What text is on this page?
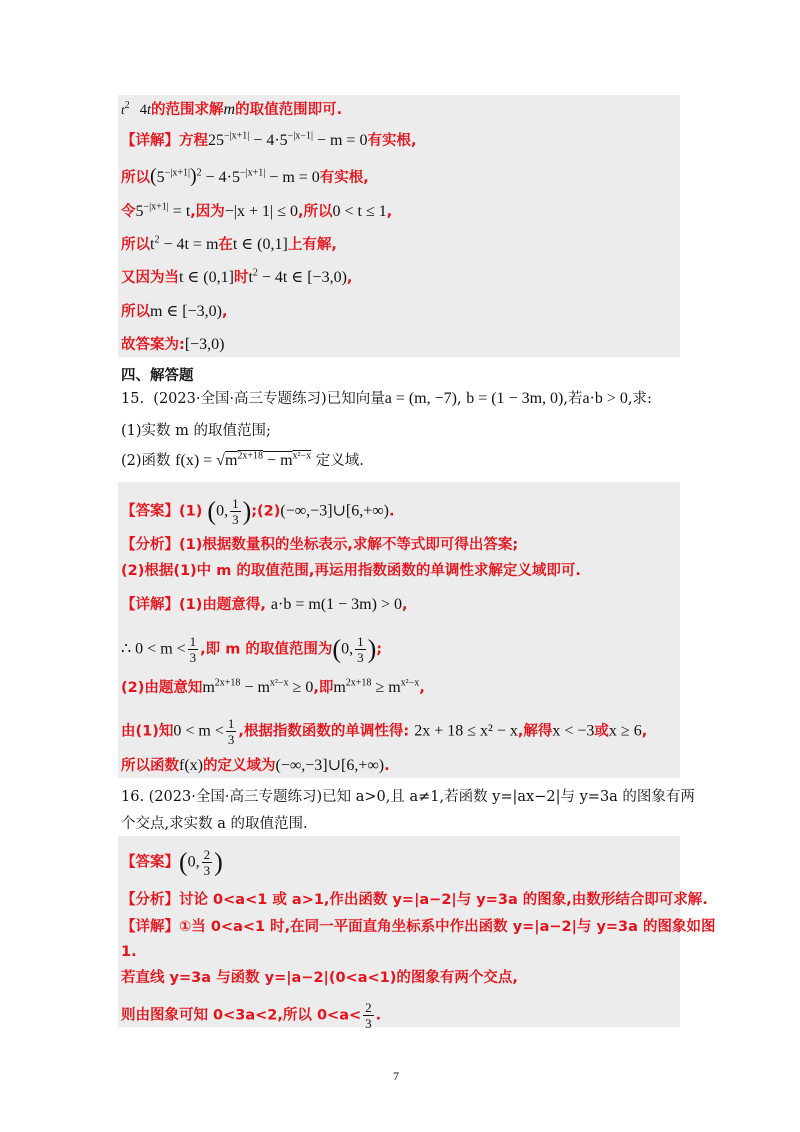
$t^2$ 4t的范围求解m的取值范围即可.
【详解】方程$25^{-|x+1|} - 4\cdot 5^{-|x-1|} - m = 0$有实根,
所以$(5^{-|x+1|})^2 - 4\cdot 5^{-|x+1|} - m = 0$有实根,
令$5^{-|x+1|} = t$,因为−|x + 1| ≤ 0,所以0 < t ≤ 1,
所以$t^2 - 4t = m$在t ∈ (0,1]上有解,
又因为当t ∈ (0,1]时$t^2 - 4t$ ∈ [−3,0),
所以m ∈ [−3,0),
故答案为:[−3,0)
四、解答题
15. (2023·全国·高三专题练习)已知向量a = (m, −7), b = (1 − 3m, 0),若a·b > 0,求:
(1)实数 m 的取值范围;
(2)函数 $f(x) = √m^{2x+18} - m^{x^2-x}$ 定义域.
【答案】(1) (0, $\frac{1}{3}$ );(2)(−∞,−3]∪[6,+∞).
【分析】(1)根据数量积的坐标表示,求解不等式即可得出答案;
(2)根据(1)中 m 的取值范围,再运用指数函数的单调性求解定义域即可.
【详解】(1)由题意得, a·b = m(1 − 3m) > 0,
∴ $0 < m < \frac{1}{3}$ ,即 m 的取值范围为(0, $\frac{1}{3}$ );
(2)由题意知$m^{2x+18} - m^{x^2-x} \ge 0$,即$m^{2x+18} \ge m^{x^2-x}$,
由(1)知$0 < m < \frac{1}{3}$ ,根据指数函数的单调性得: 2x + 18 ≤ x² − x,解得x < −3或x ≥ 6,
所以函数f(x)的定义域为(−∞,−3]∪[6,+∞).
16. (2023·全国·高三专题练习)已知 a>0,且 a≠1,若函数 y=|ax−2|与 y=3a 的图象有两
个交点,求实数 a 的取值范围.
【答案】(0, $\frac{2}{3}$ )
【分析】讨论 0<a<1 或 a>1,作出函数 y=|a−2|与 y=3a 的图象,由数形结合即可求解.
【详解】①当 0<a<1 时,在同一平面直角坐标系中作出函数 y=|a−2|与 y=3a 的图象如图
1.
若直线 y=3a 与函数 y=|a−2|(0<a<1)的图象有两个交点,
则由图象可知 0<3a<2,所以 $0<a< \frac{2}{3}$ .
7
